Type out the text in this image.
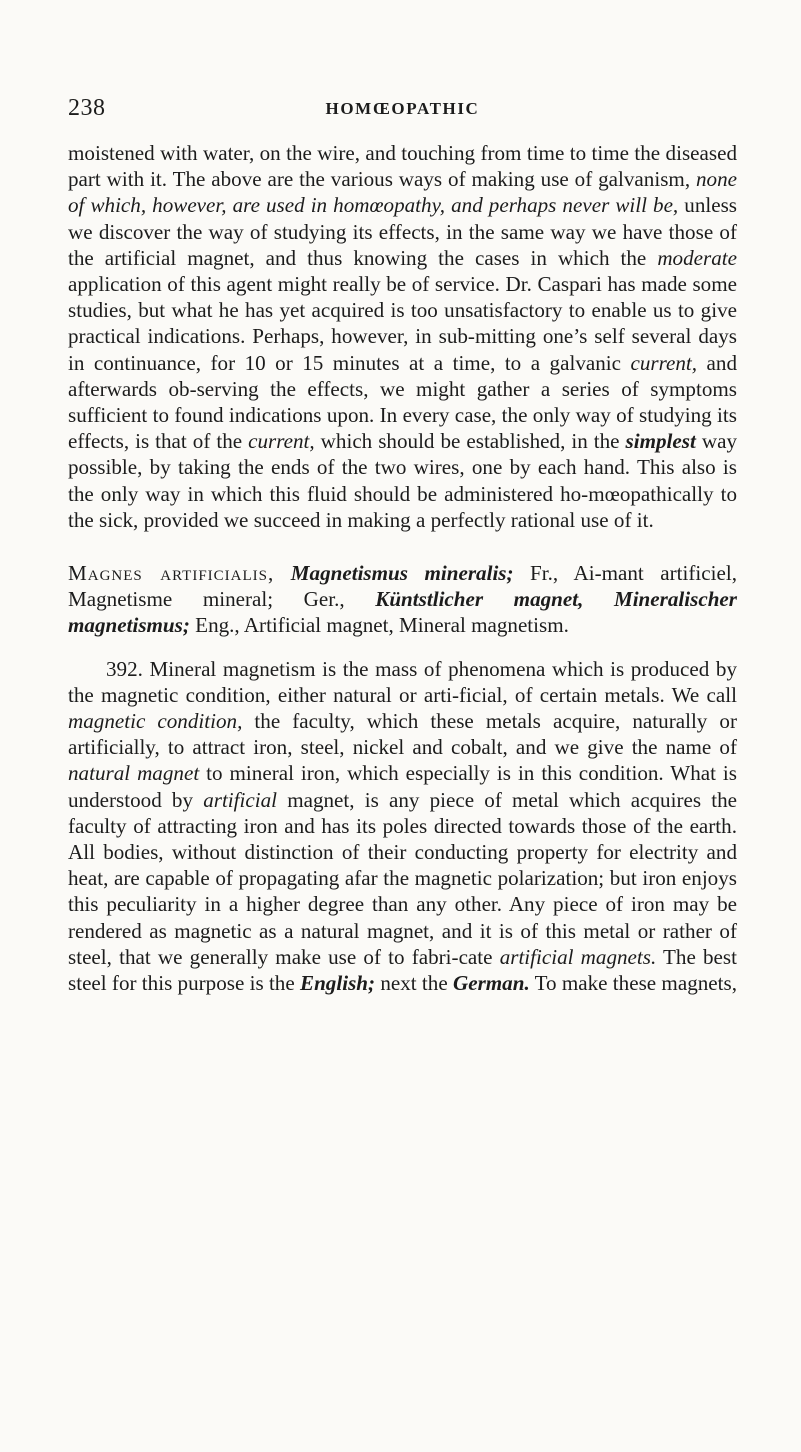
238	HOMŒOPATHIC

moistened with water, on the wire, and touching from time to time the diseased part with it. The above are the various ways of making use of galvanism, none of which, however, are used in homœopathy, and perhaps never will be, unless we discover the way of studying its effects, in the same way we have those of the artificial magnet, and thus knowing the cases in which the moderate application of this agent might really be of service. Dr. Caspari has made some studies, but what he has yet acquired is too unsatisfactory to enable us to give practical indications. Perhaps, however, in sub-mitting one’s self several days in continuance, for 10 or 15 minutes at a time, to a galvanic current, and afterwards ob-serving the effects, we might gather a series of symptoms sufficient to found indications upon. In every case, the only way of studying its effects, is that of the current, which should be established, in the simplest way possible, by taking the ends of the two wires, one by each hand. This also is the only way in which this fluid should be administered ho-mœopathically to the sick, provided we succeed in making a perfectly rational use of it.

Magnes artificialis, Magnetismus mineralis; Fr., Ai-mant artificiel, Magnetisme mineral; Ger., Küntstlicher magnet, Mineralischer magnetismus; Eng., Artificial magnet, Mineral magnetism.

392. Mineral magnetism is the mass of phenomena which is produced by the magnetic condition, either natural or arti-ficial, of certain metals. We call magnetic condition, the faculty, which these metals acquire, naturally or artificially, to attract iron, steel, nickel and cobalt, and we give the name of natural magnet to mineral iron, which especially is in this condition. What is understood by artificial magnet, is any piece of metal which acquires the faculty of attracting iron and has its poles directed towards those of the earth. All bodies, without distinction of their conducting property for electrity and heat, are capable of propagating afar the magnetic polarization; but iron enjoys this peculiarity in a higher degree than any other. Any piece of iron may be rendered as magnetic as a natural magnet, and it is of this metal or rather of steel, that we generally make use of to fabri-cate artificial magnets. The best steel for this purpose is the English; next the German. To make these magnets,
